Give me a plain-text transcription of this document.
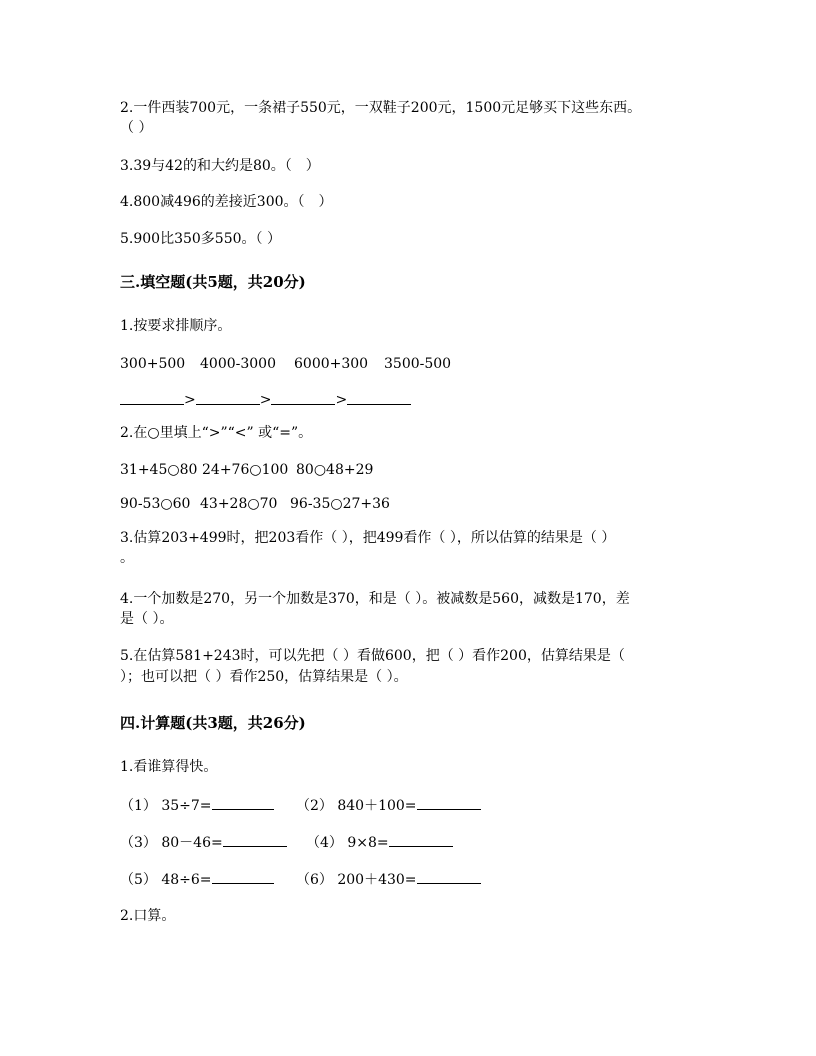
2.一件西装700元，一条裙子550元，一双鞋子200元，1500元足够买下这些东西。

（ ）

3.39与42的和大约是80。（　）

4.800减496的差接近300。（　）

5.900比350多550。（ ）

三.填空题(共5题，共20分)

1.按要求排顺序。

300+500	4000-3000	6000+300	3500-500
>	>	>

2.在○里填上“>”“<” 或“=”。

31+45○80 24+76○100 80○48+29
90-53○60 43+28○70 96-35○27+36

3.估算203+499时，把203看作（ ），把499看作（ ），所以估算的结果是（ ）

。

4.一个加数是270，另一个加数是370，和是（ ）。被减数是560，减数是170，差

是（ ）。

5.在估算581+243时，可以先把（ ）看做600，把（ ）看作200，估算结果是（

）；也可以把（ ）看作250，估算结果是（ ）。

四.计算题(共3题，共26分)

1.看谁算得快。

（1） 35÷7=	（2） 840＋100=
（3） 80－46=	（4） 9×8=
（5） 48÷6=	（6） 200＋430=

2.口算。
